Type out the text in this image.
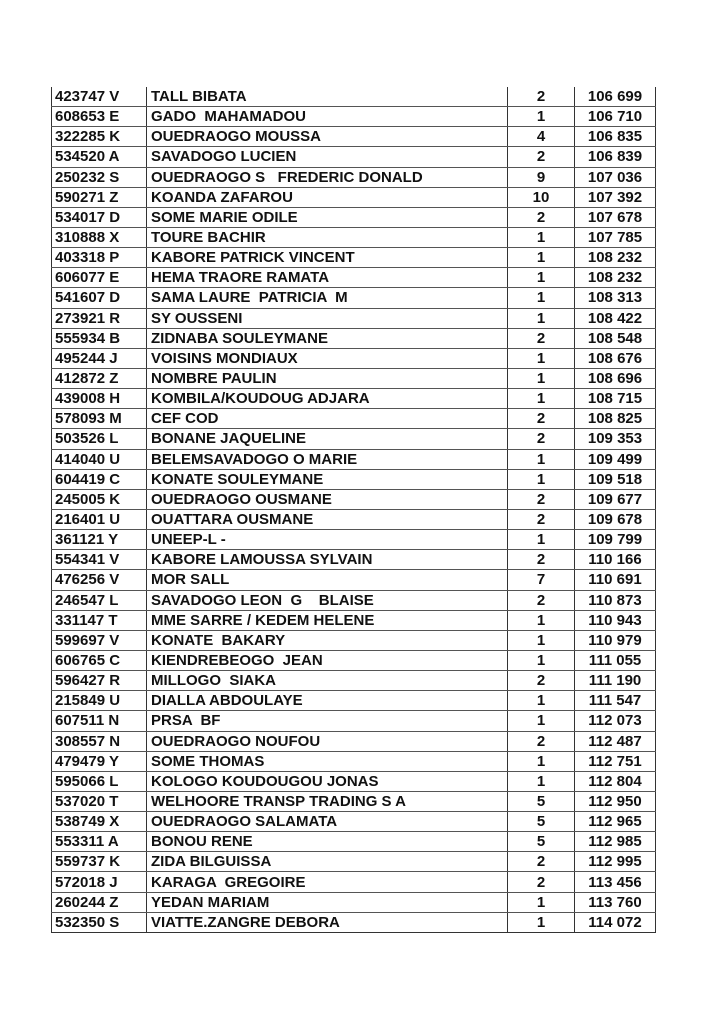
423747 V	TALL BIBATA	2	106 699
608653 E	GADO  MAHAMADOU	1	106 710
322285 K	OUEDRAOGO MOUSSA	4	106 835
534520 A	SAVADOGO LUCIEN	2	106 839
250232 S	OUEDRAOGO S   FREDERIC DONALD	9	107 036
590271 Z	KOANDA ZAFAROU	10	107 392
534017 D	SOME MARIE ODILE	2	107 678
310888 X	TOURE BACHIR	1	107 785
403318 P	KABORE PATRICK VINCENT	1	108 232
606077 E	HEMA TRAORE RAMATA	1	108 232
541607 D	SAMA LAURE  PATRICIA  M	1	108 313
273921 R	SY OUSSENI	1	108 422
555934 B	ZIDNABA SOULEYMANE	2	108 548
495244 J	VOISINS MONDIAUX	1	108 676
412872 Z	NOMBRE PAULIN	1	108 696
439008 H	KOMBILA/KOUDOUG ADJARA	1	108 715
578093 M	CEF COD	2	108 825
503526 L	BONANE JAQUELINE	2	109 353
414040 U	BELEMSAVADOGO O MARIE	1	109 499
604419 C	KONATE SOULEYMANE	1	109 518
245005 K	OUEDRAOGO OUSMANE	2	109 677
216401 U	OUATTARA OUSMANE	2	109 678
361121 Y	UNEEP-L -	1	109 799
554341 V	KABORE LAMOUSSA SYLVAIN	2	110 166
476256 V	MOR SALL	7	110 691
246547 L	SAVADOGO LEON  G    BLAISE	2	110 873
331147 T	MME SARRE / KEDEM HELENE	1	110 943
599697 V	KONATE  BAKARY	1	110 979
606765 C	KIENDREBEOGO  JEAN	1	111 055
596427 R	MILLOGO  SIAKA	2	111 190
215849 U	DIALLA ABDOULAYE	1	111 547
607511 N	PRSA  BF	1	112 073
308557 N	OUEDRAOGO NOUFOU	2	112 487
479479 Y	SOME THOMAS	1	112 751
595066 L	KOLOGO KOUDOUGOU JONAS	1	112 804
537020 T	WELHOORE TRANSP TRADING S A	5	112 950
538749 X	OUEDRAOGO SALAMATA	5	112 965
553311 A	BONOU RENE	5	112 985
559737 K	ZIDA BILGUISSA	2	112 995
572018 J	KARAGA  GREGOIRE	2	113 456
260244 Z	YEDAN MARIAM	1	113 760
532350 S	VIATTE.ZANGRE DEBORA	1	114 072
